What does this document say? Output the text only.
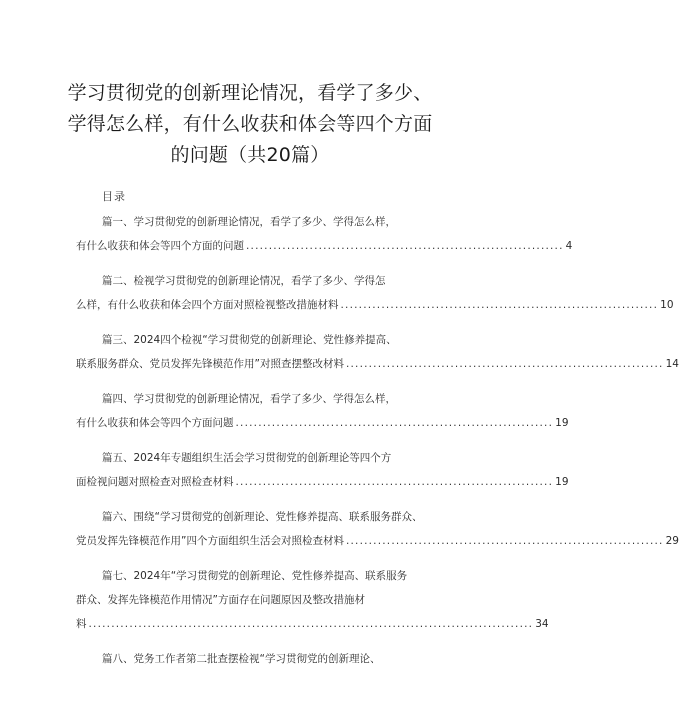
学习贯彻党的创新理论情况，看学了多少、
学得怎么样，有什么收获和体会等四个方面
的问题（共20篇）
目录
篇一、学习贯彻党的创新理论情况，看学了多少、学得怎么样，
有什么收获和体会等四个方面的问题 ...................................................................... 4
篇二、检视学习贯彻党的创新理论情况，看学了多少、学得怎
么样，有什么收获和体会四个方面对照检视整改措施材料 ...................................................................... 10
篇三、2024四个检视“学习贯彻党的创新理论、党性修养提高、
联系服务群众、党员发挥先锋模范作用”对照查摆整改材料 ...................................................................... 14
篇四、学习贯彻党的创新理论情况，看学了多少、学得怎么样，
有什么收获和体会等四个方面问题 ...................................................................... 19
篇五、2024年专题组织生活会学习贯彻党的创新理论等四个方
面检视问题对照检查对照检查材料 ...................................................................... 19
篇六、围绕“学习贯彻党的创新理论、党性修养提高、联系服务群众、
党员发挥先锋模范作用”四个方面组织生活会对照检查材料 ...................................................................... 29
篇七、2024年“学习贯彻党的创新理论、党性修养提高、联系服务
群众、发挥先锋模范作用情况”方面存在问题原因及整改措施材
料 .................................................................................................. 34
篇八、党务工作者第二批查摆检视“学习贯彻党的创新理论、
